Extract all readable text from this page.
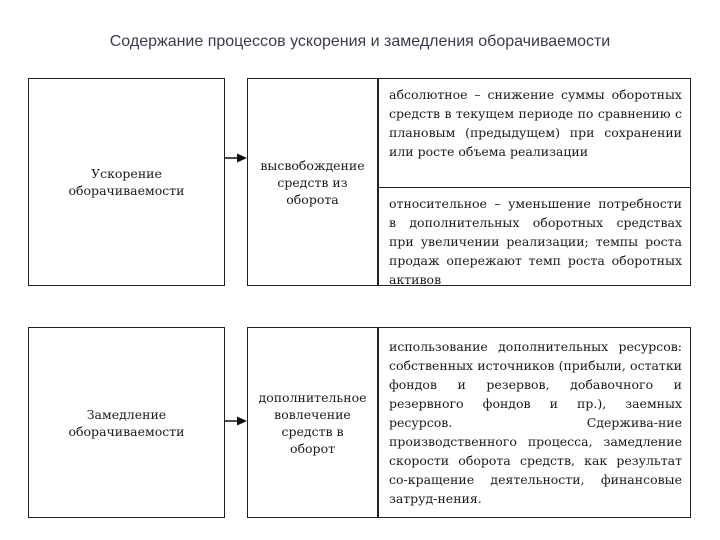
Содержание процессов ускорения и замедления оборачиваемости
Ускорение
оборачиваемости
высвобождение
средств из
оборота
абсолютное – снижение суммы оборотных средств в текущем периоде по сравнению с плановым (предыдущем) при сохранении или росте объема реализации
относительное – уменьшение потребности в дополнительных оборотных средствах при увеличении реализации; темпы роста продаж опережают темп роста оборотных активов
Замедление
оборачиваемости
дополнительное
вовлечение
средств в
оборот
использование дополнительных ресурсов: собственных источников (прибыли, остатки фондов и резервов, добавочного и резервного фондов и пр.), заемных ресурсов. Сдержива-ние производственного процесса, замедление скорости оборота средств, как результат со-кращение деятельности, финансовые затруд-нения.
